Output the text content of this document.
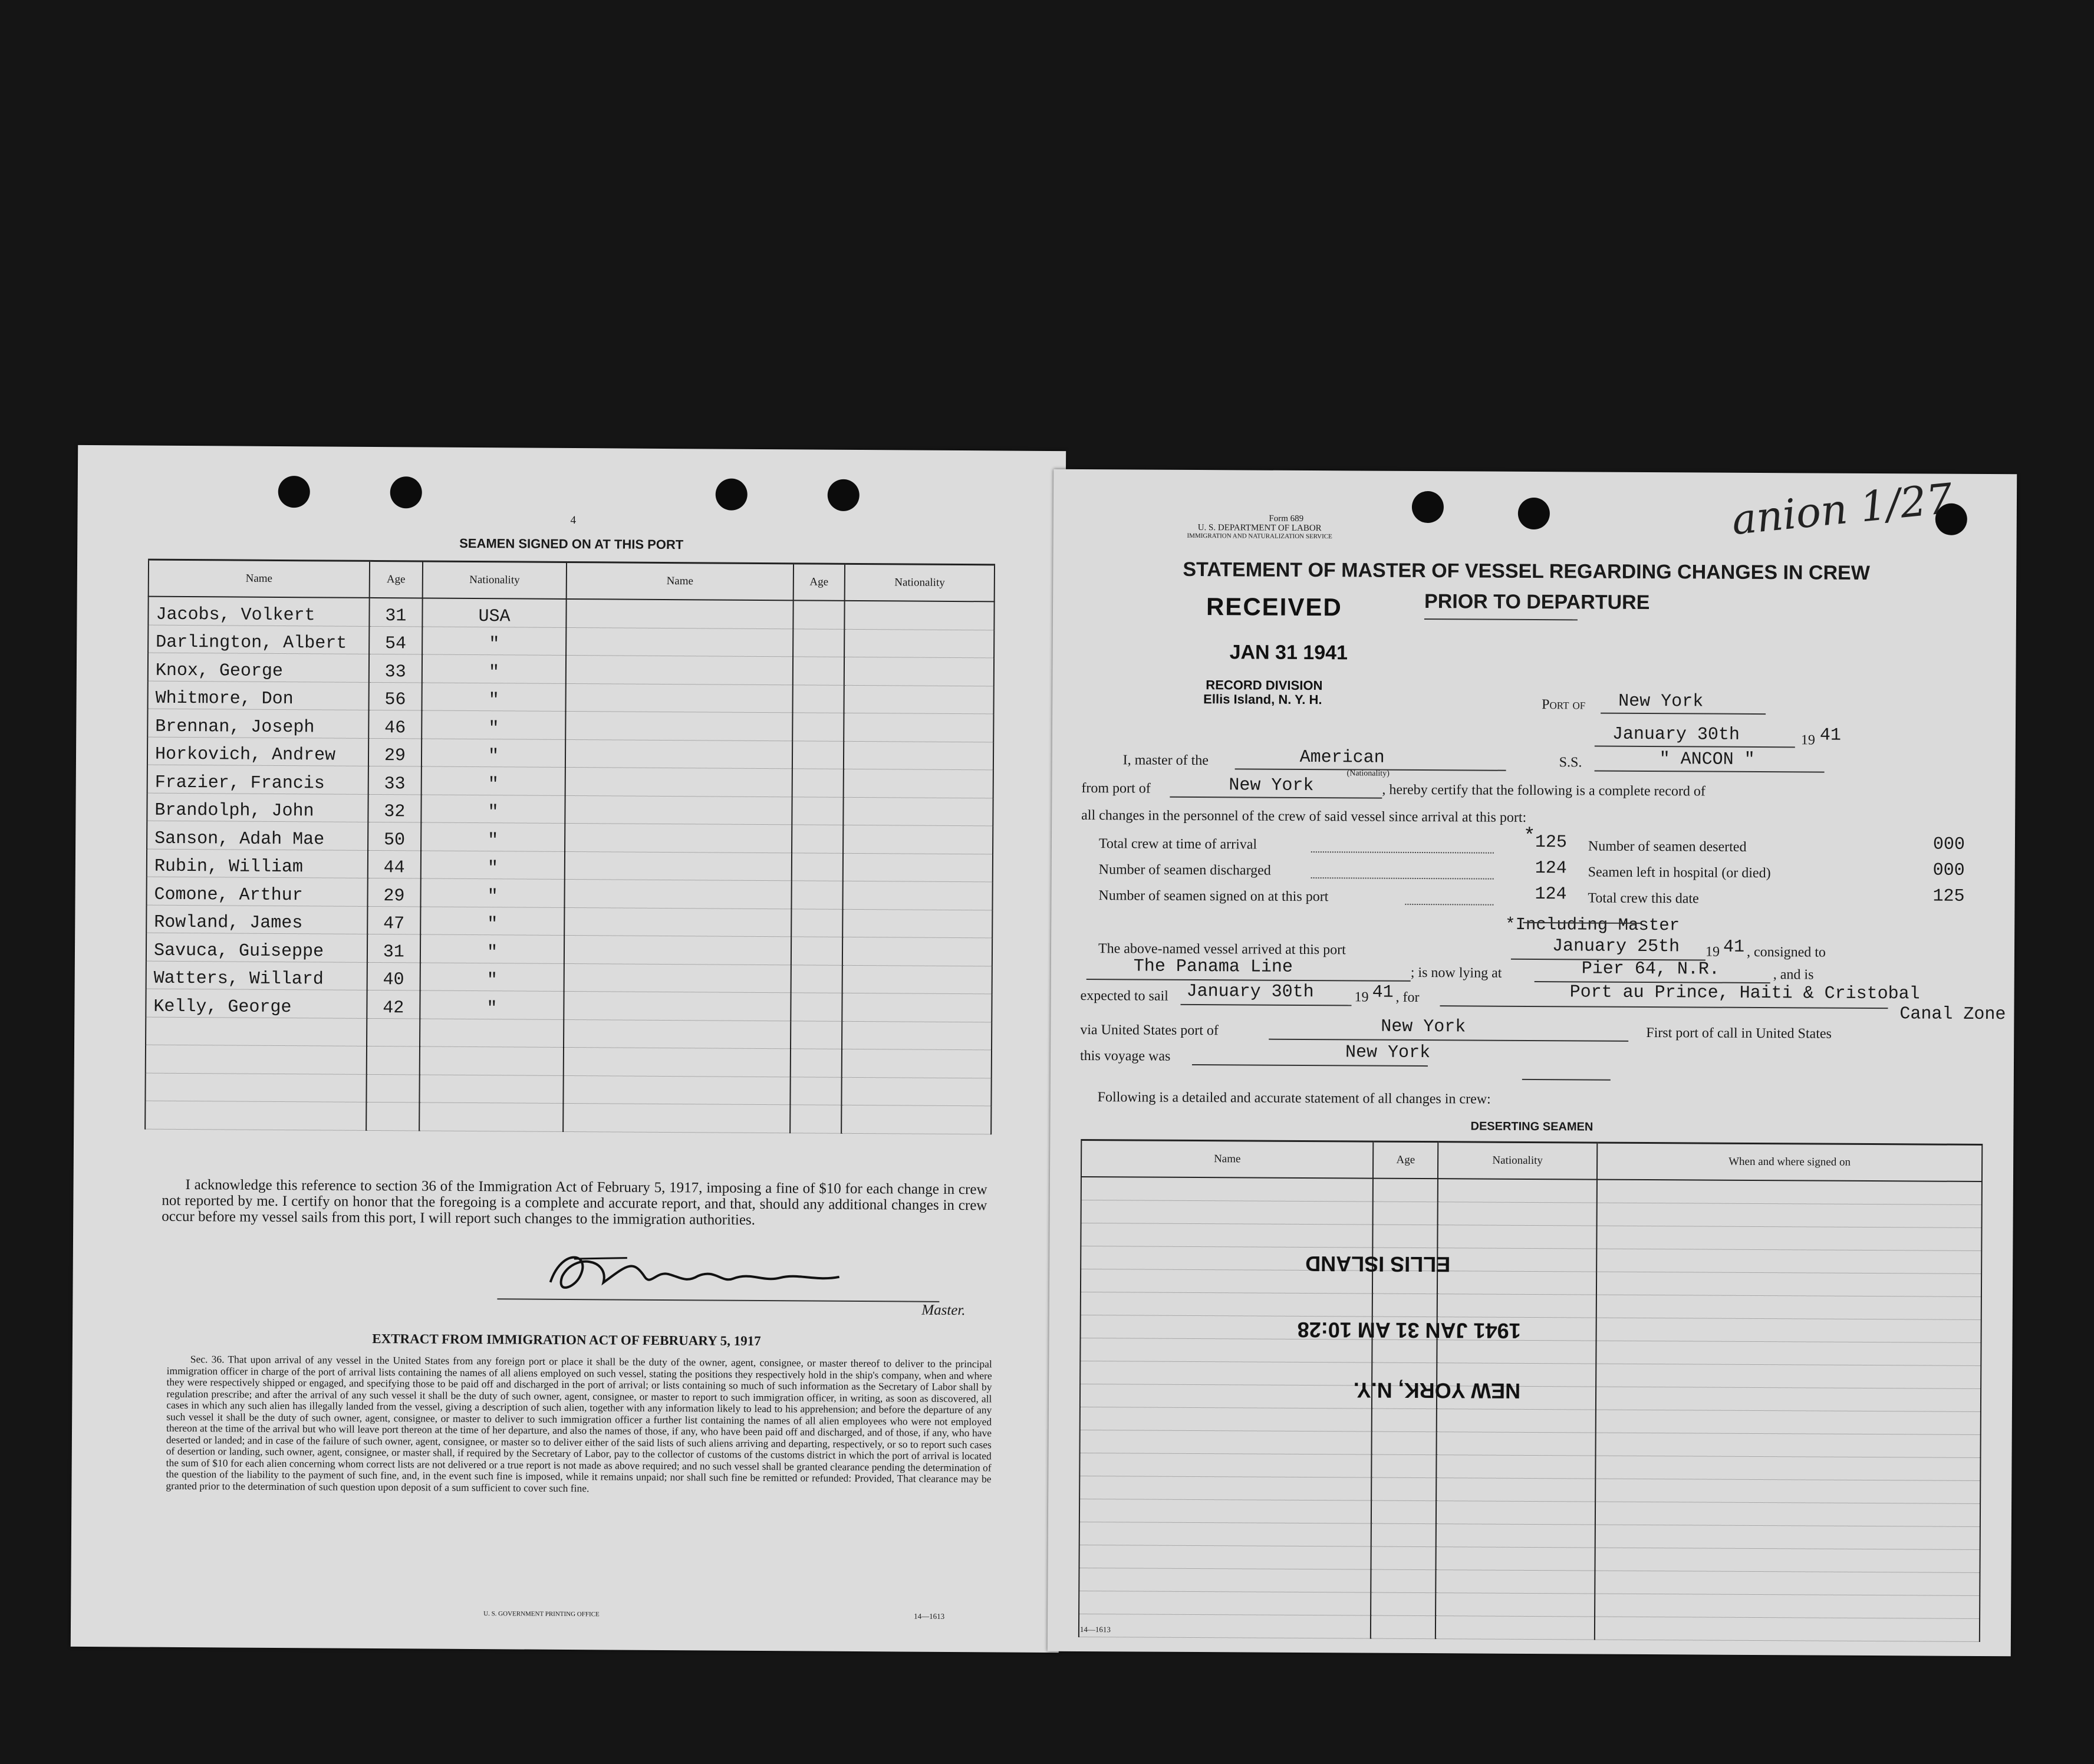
4
SEAMEN SIGNED ON AT THIS PORT
Name	Age	Nationality	Name	Age	Nationality
Jacobs, Volkert	31	USA			
Darlington, Albert	54	"			
Knox, George	33	"			
Whitmore, Don	56	"			
Brennan, Joseph	46	"			
Horkovich, Andrew	29	"			
Frazier, Francis	33	"			
Brandolph, John	32	"			
Sanson, Adah Mae	50	"			
Rubin, William	44	"			
Comone, Arthur	29	"			
Rowland, James	47	"			
Savuca, Guiseppe	31	"			
Watters, Willard	40	"			
Kelly, George	42	"			

I acknowledge this reference to section 36 of the Immigration Act of February 5, 1917, imposing a fine of $10 for each change in crew not reported by me. I certify on honor that the foregoing is a complete and accurate report, and that, should any additional changes in crew occur before my vessel sails from this port, I will report such changes to the immigration authorities.
Master.
EXTRACT FROM IMMIGRATION ACT OF FEBRUARY 5, 1917
Sec. 36. That upon arrival of any vessel in the United States from any foreign port or place it shall be the duty of the owner, agent, consignee, or master thereof to deliver to the principal immigration officer in charge of the port of arrival lists containing the names of all aliens employed on such vessel, stating the positions they respectively hold in the ship's company, when and where they were respectively shipped or engaged, and specifying those to be paid off and discharged in the port of arrival; or lists containing so much of such information as the Secretary of Labor shall by regulation prescribe; and after the arrival of any such vessel it shall be the duty of such owner, agent, consignee, or master to report to such immigration officer, in writing, as soon as discovered, all cases in which any such alien has illegally landed from the vessel, giving a description of such alien, together with any information likely to lead to his apprehension; and before the departure of any such vessel it shall be the duty of such owner, agent, consignee, or master to deliver to such immigration officer a further list containing the names of all alien employees who were not employed thereon at the time of the arrival but who will leave port thereon at the time of her departure, and also the names of those, if any, who have been paid off and discharged, and of those, if any, who have deserted or landed; and in case of the failure of such owner, agent, consignee, or master so to deliver either of the said lists of such aliens arriving and departing, respectively, or so to report such cases of desertion or landing, such owner, agent, consignee, or master shall, if required by the Secretary of Labor, pay to the collector of customs of the customs district in which the port of arrival is located the sum of $10 for each alien concerning whom correct lists are not delivered or a true report is not made as above required; and no such vessel shall be granted clearance pending the determination of the question of the liability to the payment of such fine, and, in the event such fine is imposed, while it remains unpaid; nor shall such fine be remitted or refunded: Provided, That clearance may be granted prior to the determination of such question upon deposit of a sum sufficient to cover such fine.
U. S. GOVERNMENT PRINTING OFFICE	14—1613
anion 1/27
Form 689
U. S. DEPARTMENT OF LABOR
IMMIGRATION AND NATURALIZATION SERVICE
STATEMENT OF MASTER OF VESSEL REGARDING CHANGES IN CREW
PRIOR TO DEPARTURE
RECEIVED
JAN 31 1941
RECORD DIVISION
Ellis Island, N. Y. H.	Port of New York
January 30th	19 41
I, master of the	American
(Nationality)
S.S.	" ANCON "
from port of	New York	, hereby certify that the following is a complete record of
all changes in the personnel of the crew of said vessel since arrival at this port:
Total crew at time of arrival	125
Number of seamen discharged	124
Number of seamen signed on at this port	124
Number of seamen deserted	000
Seamen left in hospital (or died)	000
Total crew this date	125
*
*Including Master
The above-named vessel arrived at this port	January 25th 19 41 , consigned to
The Panama Line	; is now lying at	Pier 64, N.R.	, and is
expected to sail January 30th	19 41 , for	Port au Prince, Haiti & Cristobal
Canal Zone
via United States port of	New York	First port of call in United States
this voyage was	New York
Following is a detailed and accurate statement of all changes in crew:
DESERTING SEAMEN
Name	Age	Nationality	When and where signed on

NEW YORK, N.Y.
1941 JAN 31 AM 10:28
ELLIS ISLAND
14—1613
